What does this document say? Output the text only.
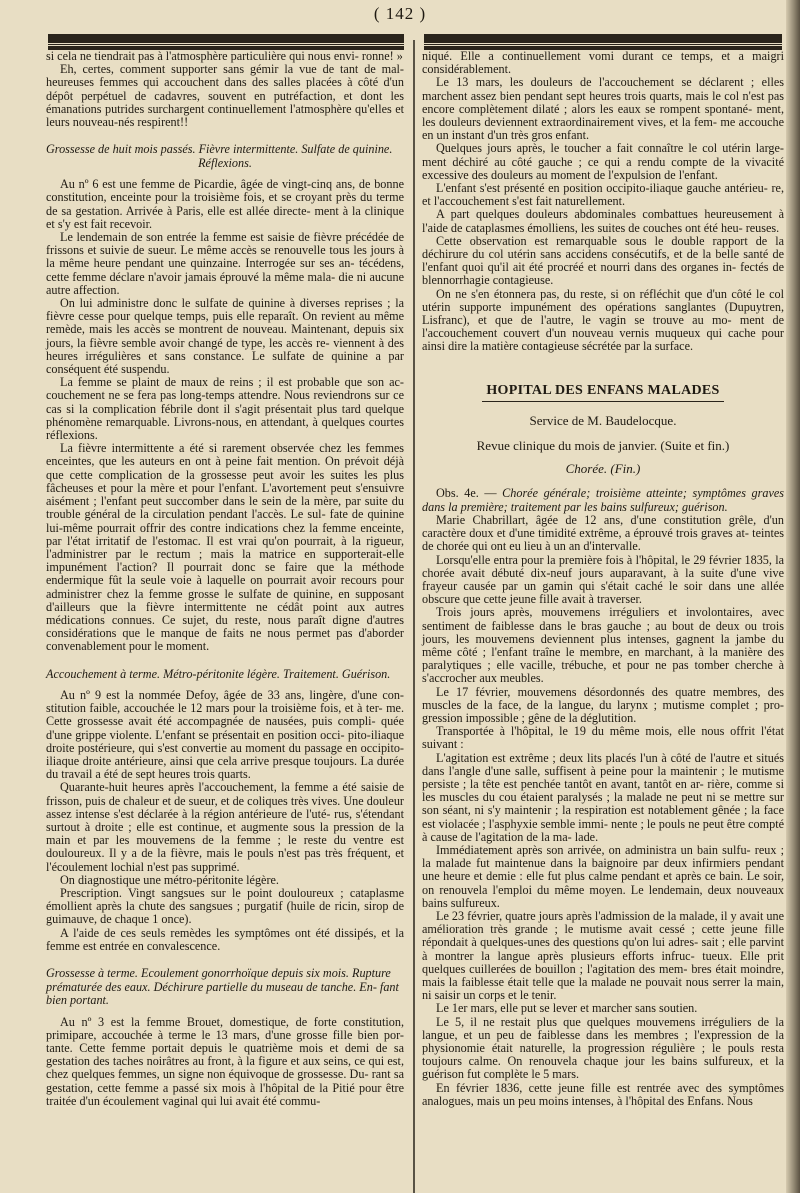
( 142 )

si cela ne tiendrait pas à l'atmosphère particulière qui nous envi- ronne! »

Eh, certes, comment supporter sans gémir la vue de tant de mal- heureuses femmes qui accouchent dans des salles placées à côté d'un dépôt perpétuel de cadavres, souvent en putréfaction, et dont les émanations putrides surchargent continuellement l'atmosphère qu'elles et leurs nouveau-nés respirent!!

Grossesse de huit mois passés. Fièvre intermittente. Sulfate de quinine.
Réflexions.

Au nº 6 est une femme de Picardie, âgée de vingt-cinq ans, de bonne constitution, enceinte pour la troisième fois, et se croyant près du terme de sa gestation. Arrivée à Paris, elle est allée directe- ment à la clinique et s'y est fait recevoir.

Le lendemain de son entrée la femme est saisie de fièvre précédée de frissons et suivie de sueur. Le même accès se renouvelle tous les jours à la même heure pendant une quinzaine. Interrogée sur ses an- técédens, cette femme déclare n'avoir jamais éprouvé la même mala- die ni aucune autre affection.

On lui administre donc le sulfate de quinine à diverses reprises ; la fièvre cesse pour quelque temps, puis elle reparaît. On revient au même remède, mais les accès se montrent de nouveau. Maintenant, depuis six jours, la fièvre semble avoir changé de type, les accès re- viennent à des heures irrégulières et sans constance. Le sulfate de quinine a par conséquent été suspendu.

La femme se plaint de maux de reins ; il est probable que son ac- couchement ne se fera pas long-temps attendre. Nous reviendrons sur ce cas si la complication fébrile dont il s'agit présentait plus tard quelque phénomène remarquable. Livrons-nous, en attendant, à quelques courtes réflexions.

La fièvre intermittente a été si rarement observée chez les femmes enceintes, que les auteurs en ont à peine fait mention. On prévoit déjà que cette complication de la grossesse peut avoir les suites les plus fâcheuses et pour la mère et pour l'enfant. L'avortement peut s'ensuivre aisément ; l'enfant peut succomber dans le sein de la mère, par suite du trouble général de la circulation pendant l'accès. Le sul- fate de quinine lui-même pourrait offrir des contre indications chez la femme enceinte, par l'état irritatif de l'estomac. Il est vrai qu'on pourrait, à la rigueur, l'administrer par le rectum ; mais la matrice en supporterait-elle impunément l'action? Il pourrait donc se faire que la méthode endermique fût la seule voie à laquelle on pourrait avoir recours pour administrer chez la femme grosse le sulfate de quinine, en supposant d'ailleurs que la fièvre intermittente ne cédât point aux autres médications connues. Ce sujet, du reste, nous paraît digne d'autres considérations que le manque de faits ne nous permet pas d'aborder convenablement pour le moment.

Accouchement à terme. Métro-péritonite légère. Traitement. Guérison.

Au nº 9 est la nommée Defoy, âgée de 33 ans, lingère, d'une con- stitution faible, accouchée le 12 mars pour la troisième fois, et à ter- me. Cette grossesse avait été accompagnée de nausées, puis compli- quée d'une grippe violente. L'enfant se présentait en position occi- pito-iliaque droite postérieure, qui s'est convertie au moment du passage en occipito-iliaque droite antérieure, ainsi que cela arrive presque toujours. La durée du travail a été de sept heures trois quarts.

Quarante-huit heures après l'accouchement, la femme a été saisie de frisson, puis de chaleur et de sueur, et de coliques très vives. Une douleur assez intense s'est déclarée à la région antérieure de l'uté- rus, s'étendant surtout à droite ; elle est continue, et augmente sous la pression de la main et par les mouvemens de la femme ; le reste du ventre est douloureux. Il y a de la fièvre, mais le pouls n'est pas très fréquent, et l'écoulement lochial n'est pas supprimé.

On diagnostique une métro-péritonite légère.

Prescription. Vingt sangsues sur le point douloureux ; cataplasme émollient après la chute des sangsues ; purgatif (huile de ricin, sirop de guimauve, de chaque 1 once).

A l'aide de ces seuls remèdes les symptômes ont été dissipés, et la femme est entrée en convalescence.

Grossesse à terme. Ecoulement gonorrhoïque depuis six mois. Rupture prématurée des eaux. Déchirure partielle du museau de tanche. En- fant bien portant.

Au nº 3 est la femme Brouet, domestique, de forte constitution, primipare, accouchée à terme le 13 mars, d'une grosse fille bien por- tante. Cette femme portait depuis le quatrième mois et demi de sa gestation des taches noirâtres au front, à la figure et aux seins, ce qui est, chez quelques femmes, un signe non équivoque de grossesse. Du- rant sa gestation, cette femme a passé six mois à l'hôpital de la Pitié pour être traitée d'un écoulement vaginal qui lui avait été commu-

niqué. Elle a continuellement vomi durant ce temps, et a maigri considérablement.

Le 13 mars, les douleurs de l'accouchement se déclarent ; elles marchent assez bien pendant sept heures trois quarts, mais le col n'est pas encore complètement dilaté ; alors les eaux se rompent spontané- ment, les douleurs deviennent extraordinairement vives, et la fem- me accouche en un instant d'un très gros enfant.

Quelques jours après, le toucher a fait connaître le col utérin large- ment déchiré au côté gauche ; ce qui a rendu compte de la vivacité excessive des douleurs au moment de l'expulsion de l'enfant.

L'enfant s'est présenté en position occipito-iliaque gauche antérieu- re, et l'accouchement s'est fait naturellement.

A part quelques douleurs abdominales combattues heureusement à l'aide de cataplasmes émolliens, les suites de couches ont été heu- reuses.

Cette observation est remarquable sous le double rapport de la déchirure du col utérin sans accidens consécutifs, et de la belle santé de l'enfant quoi qu'il ait été procréé et nourri dans des organes in- fectés de blennorrhagie contagieuse.

On ne s'en étonnera pas, du reste, si on réfléchit que d'un côté le col utérin supporte impunément des opérations sanglantes (Dupuytren, Lisfranc), et que de l'autre, le vagin se trouve au mo- ment de l'accouchement couvert d'un nouveau vernis muqueux qui cache pour ainsi dire la matière contagieuse sécrétée par la surface.

HOPITAL DES ENFANS MALADES
Service de M. Baudelocque.
Revue clinique du mois de janvier. (Suite et fin.)
Chorée. (Fin.)

Obs. 4e. — Chorée générale; troisième atteinte; symptômes graves dans la première; traitement par les bains sulfureux; guérison.

Marie Chabrillart, âgée de 12 ans, d'une constitution grêle, d'un caractère doux et d'une timidité extrême, a éprouvé trois graves at- teintes de chorée qui ont eu lieu à un an d'intervalle.

Lorsqu'elle entra pour la première fois à l'hôpital, le 29 février 1835, la chorée avait débuté dix-neuf jours auparavant, à la suite d'une vive frayeur causée par un gamin qui s'était caché le soir dans une allée obscure que cette jeune fille avait à traverser.

Trois jours après, mouvemens irréguliers et involontaires, avec sentiment de faiblesse dans le bras gauche ; au bout de deux ou trois jours, les mouvemens deviennent plus intenses, gagnent la jambe du même côté ; l'enfant traîne le membre, en marchant, à la manière des paralytiques ; elle vacille, trébuche, et pour ne pas tomber cherche à s'accrocher aux meubles.

Le 17 février, mouvemens désordonnés des quatre membres, des muscles de la face, de la langue, du larynx ; mutisme complet ; pro- gression impossible ; gêne de la déglutition.

Transportée à l'hôpital, le 19 du même mois, elle nous offrit l'état suivant :

L'agitation est extrême ; deux lits placés l'un à côté de l'autre et situés dans l'angle d'une salle, suffisent à peine pour la maintenir ; le mutisme persiste ; la tête est penchée tantôt en avant, tantôt en ar- rière, comme si les muscles du cou étaient paralysés ; la malade ne peut ni se mettre sur son séant, ni s'y maintenir ; la respiration est notablement gênée ; la face est violacée ; l'asphyxie semble immi- nente ; le pouls ne peut être compté à cause de l'agitation de la ma- lade.

Immédiatement après son arrivée, on administra un bain sulfu- reux ; la malade fut maintenue dans la baignoire par deux infirmiers pendant une heure et demie : elle fut plus calme pendant et après ce bain. Le soir, on renouvela l'emploi du même moyen. Le lendemain, deux nouveaux bains sulfureux.

Le 23 février, quatre jours après l'admission de la malade, il y avait une amélioration très grande ; le mutisme avait cessé ; cette jeune fille répondait à quelques-unes des questions qu'on lui adres- sait ; elle parvint à montrer la langue après plusieurs efforts infruc- tueux. Elle prit quelques cuillerées de bouillon ; l'agitation des mem- bres était moindre, mais la faiblesse était telle que la malade ne pouvait nous serrer la main, ni saisir un corps et le tenir.

Le 1er mars, elle put se lever et marcher sans soutien.

Le 5, il ne restait plus que quelques mouvemens irréguliers de la langue, et un peu de faiblesse dans les membres ; l'expression de la physionomie était naturelle, la progression régulière ; le pouls resta toujours calme. On renouvela chaque jour les bains sulfureux, et la guérison fut complète le 5 mars.

En février 1836, cette jeune fille est rentrée avec des symptômes analogues, mais un peu moins intenses, à l'hôpital des Enfans. Nous
